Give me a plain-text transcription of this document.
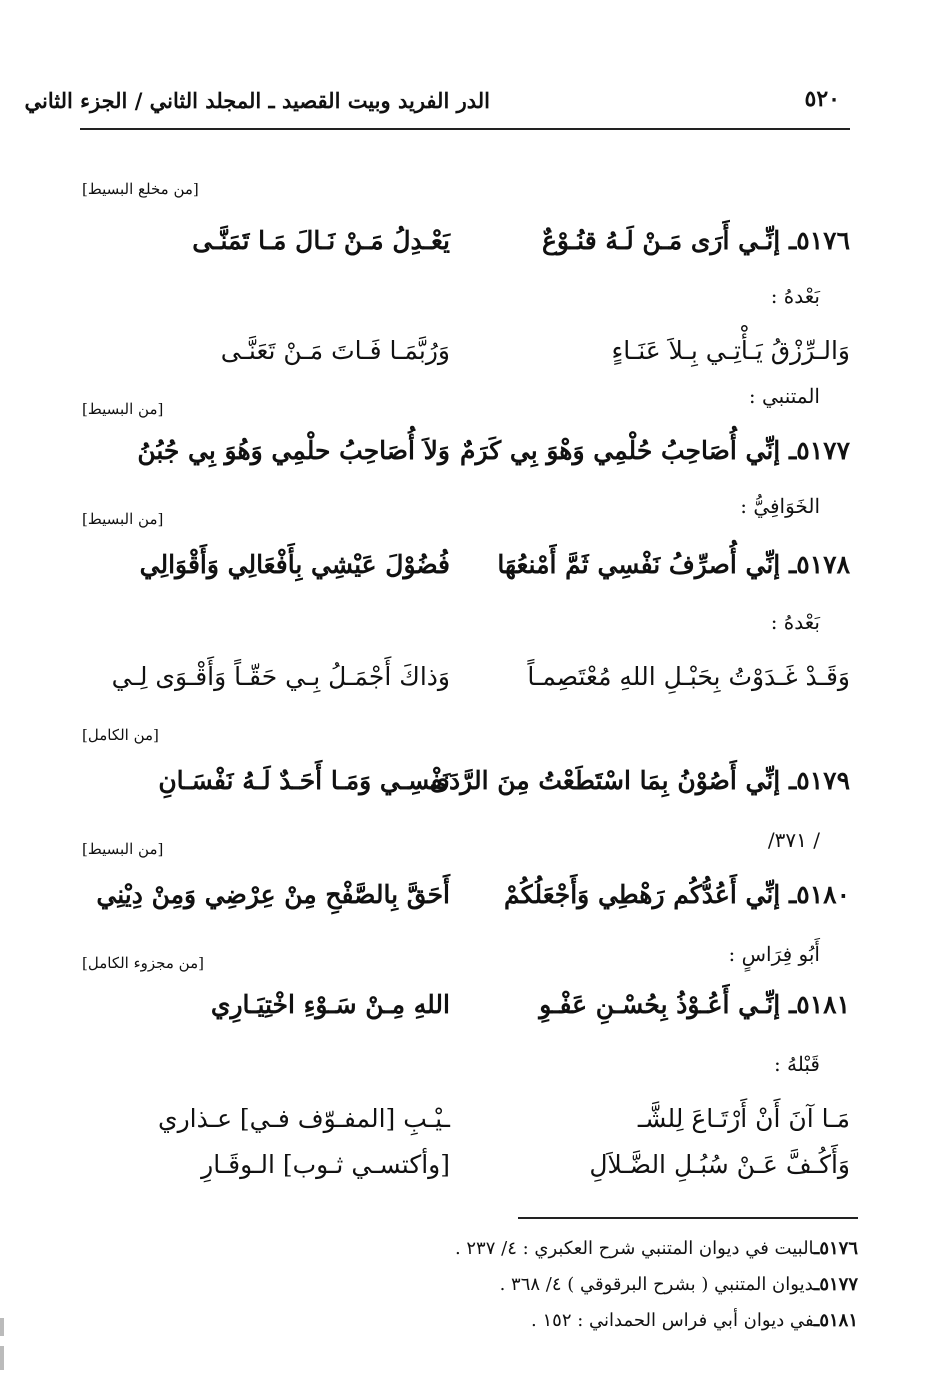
الدر الفريد وبيت القصيد ـ المجلد الثاني / الجزء الثاني	٥٢٠
[من مخلع البسيط]
٥١٧٦ـ إنِّـي أَرَى مَـنْ لَـهُ قنُـوْعٌ
يَعْـدِلُ مَـنْ نَـالَ مَـا تَمَنَّـى
بَعْدهُ :
وَالـرِّزْقُ يَـأْتِـي بِـلاَ عَنَـاءٍ
وَرُبَّمَـا فَـاتَ مَـنْ تَعَنَّـى
المتنبي :
[من البسيط]
٥١٧٧ـ إنِّي أُصَاحِبُ حُلْمِي وَهْوَ بِي كَرَمٌ
وَلاَ أُصَاحِبُ حلْمِي وَهُوَ بِي جُبُنُ
الخَوَافِيُّ :
[من البسيط]
٥١٧٨ـ إنِّي أُصرِّفُ نَفْسِي ثَمَّ أَمْنعُهَا
فُضُوْلَ عَيْشِي بِأَفْعَالِي وَأَقْوَالِي
بَعْدهُ :
وَقَـدْ غَـدَوْتُ بِحَبْـلِ اللهِ مُعْتَصِمـاً
وَذاكَ أَجْمَـلُ بِـي حَقّـاً وَأَقْـوَى لِـي
[من الكامل]
٥١٧٩ـ إنِّي أَصُوْنُ بِمَا اسْتَطَعْتُ مِنَ الرَّدَى
نَفْسِـي وَمَـا أَحَـدٌ لَـهُ نَفْسَـانِ
/ ٣٧١/
[من البسيط]
٥١٨٠ـ إنِّي أَعُدُّكُم رَهْطِي وَأَجْعَلُكُمْ
أَحَقَّ بِالصَّفْحِ مِنْ عِرْضِي وَمِنْ دِيْنِي
أَبُو فِرَاسٍ :
[من مجزوء الكامل]
٥١٨١ـ إنِّـي أَعُـوْذُ بِحُسْـنِ عَفْـوِ
اللهِ مِـنْ سَـوْءِ اخْتِيَـارِي
قَبْلهُ :
مَـا آنَ أَنْ أَرْتَـاعَ لِلشَّـ
ـيْـبِ [المفـوّف فـي] عـذاري
وَأَكُـفَّ عَـنْ سُبُـلِ الضَّـلاَلِ
[وأكتسـي ثـوب] الـوقَـارِ
٥١٧٦ـالبيت في ديوان المتنبي شرح العكبري : ٤/ ٢٣٧ .
٥١٧٧ـديوان المتنبي ( بشرح البرقوقي ) ٤/ ٣٦٨ .
٥١٨١ـفي ديوان أبي فراس الحمداني : ١٥٢ .
